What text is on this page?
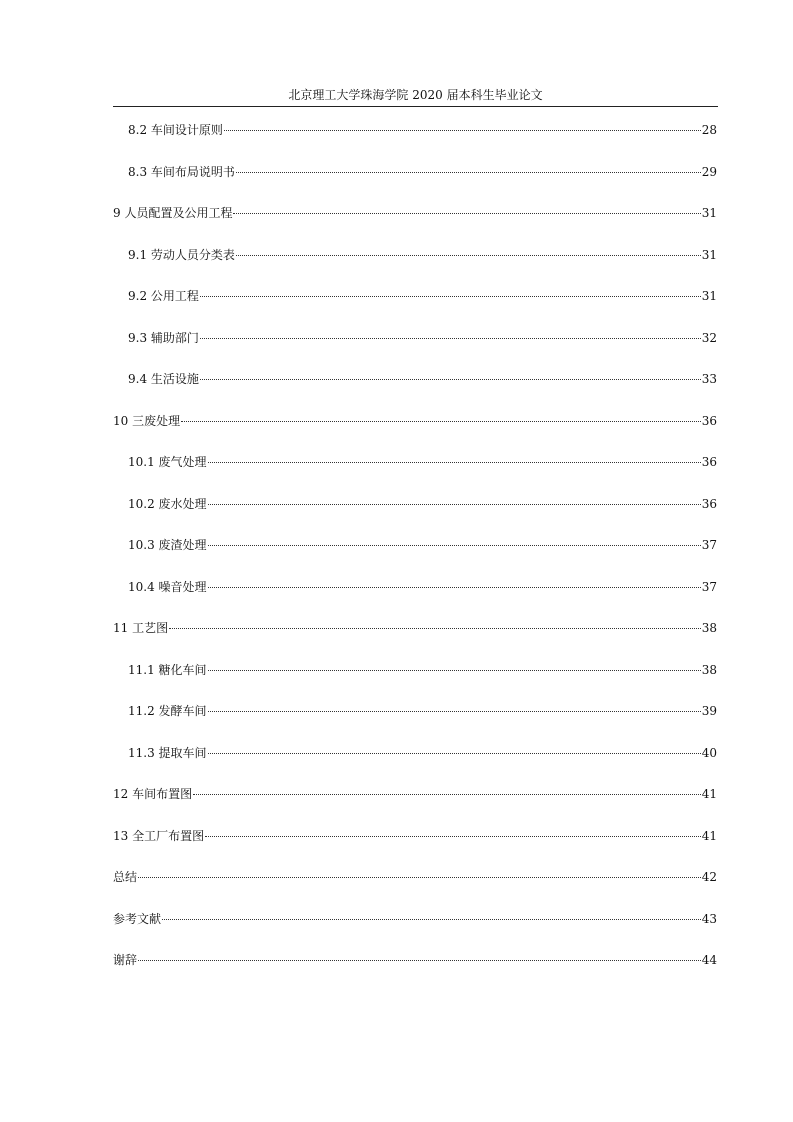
北京理工大学珠海学院 2020 届本科生毕业论文
8.2 车间设计原则	28
8.3 车间布局说明书	29
9 人员配置及公用工程	31
9.1 劳动人员分类表	31
9.2 公用工程	31
9.3 辅助部门	32
9.4 生活设施	33
10 三废处理	36
10.1 废气处理	36
10.2 废水处理	36
10.3 废渣处理	37
10.4 噪音处理	37
11 工艺图	38
11.1 糖化车间	38
11.2 发酵车间	39
11.3 提取车间	40
12 车间布置图	41
13 全工厂布置图	41
总结	42
参考文献	43
谢辞	44
